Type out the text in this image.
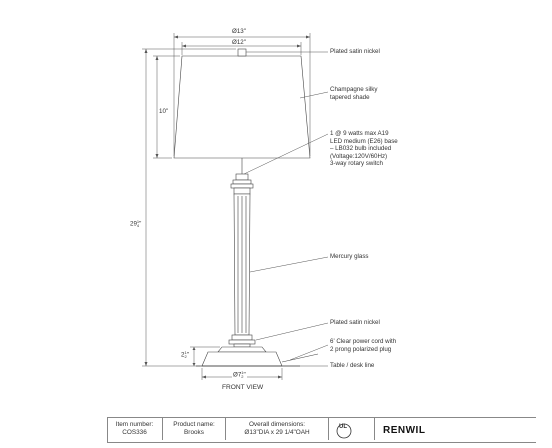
Ø13"
Ø12"
10"
291
4"
21
2"
Ø71
2"
Plated satin nickel
Champagne silky
tapered shade
1 @ 9 watts max A19
LED medium (E26) base
– LB032 bulb included
(Voltage:120V/60Hz)
3-way rotary switch
Mercury glass
Plated satin nickel
6' Clear power cord with
2 prong polarized plug
Table / desk line
FRONT VIEW
Item number:
COS336
Product name:
Brooks
Overall dimensions:
Ø13"DIA x 29 1/4"OAH
UL	RENWIL
